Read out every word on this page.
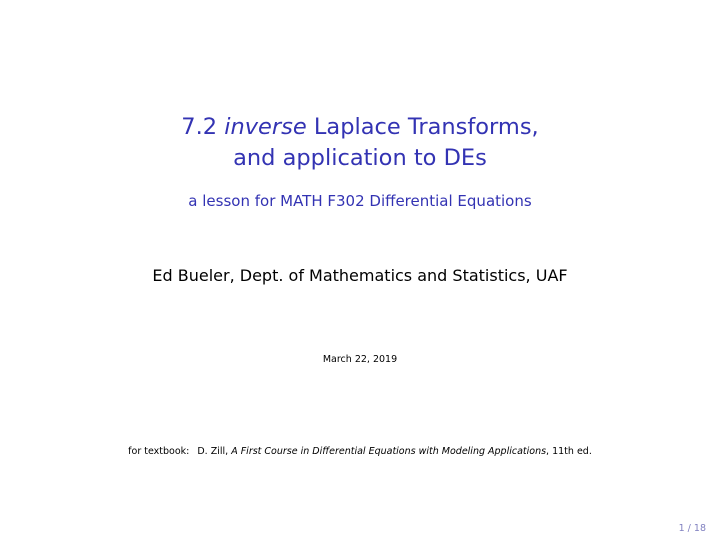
7.2 inverse Laplace Transforms,
and application to DEs
a lesson for MATH F302 Differential Equations
Ed Bueler, Dept. of Mathematics and Statistics, UAF
March 22, 2019
for textbook: D. Zill, A First Course in Differential Equations with Modeling Applications, 11th ed.
1 / 18
